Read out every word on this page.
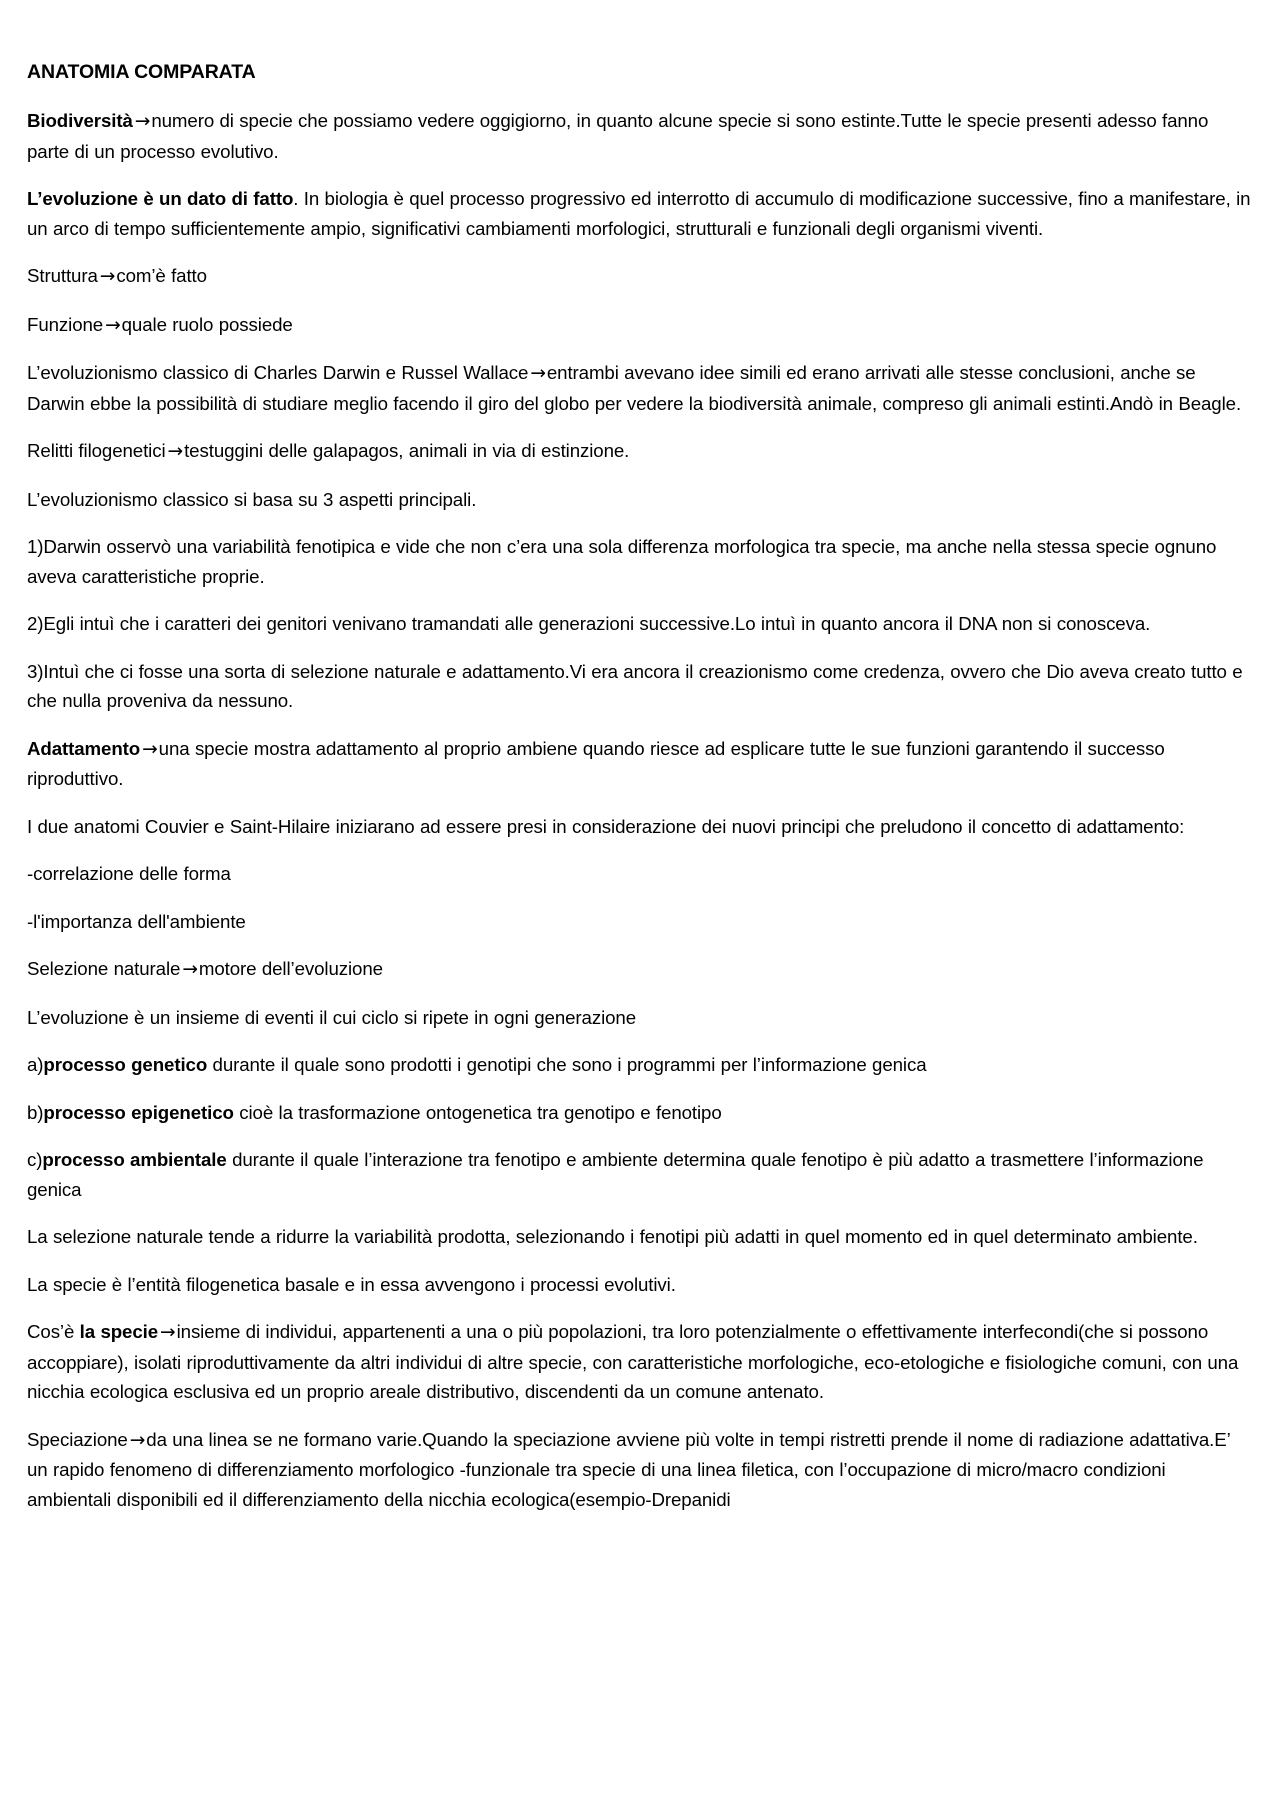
ANATOMIA COMPARATA

Biodiversità →numero di specie che possiamo vedere oggigiorno, in quanto alcune specie si sono estinte.Tutte le specie presenti adesso fanno parte di un processo evolutivo.

L’evoluzione è un dato di fatto. In biologia è quel processo progressivo ed interrotto di accumulo di modificazione successive, fino a manifestare, in un arco di tempo sufficientemente ampio, significativi cambiamenti morfologici, strutturali e funzionali degli organismi viventi.

Struttura →com’è fatto

Funzione →quale ruolo possiede

L’evoluzionismo classico di Charles Darwin e Russel Wallace →entrambi avevano idee simili ed erano arrivati alle stesse conclusioni, anche se Darwin ebbe la possibilità di studiare meglio facendo il giro del globo per vedere la biodiversità animale, compreso gli animali estinti.Andò in Beagle.

Relitti filogenetici →testuggini delle galapagos, animali in via di estinzione.

L’evoluzionismo classico si basa su 3 aspetti principali.

1)Darwin osservò una variabilità fenotipica e vide che non c’era una sola differenza morfologica tra specie, ma anche nella stessa specie ognuno aveva caratteristiche proprie.

2)Egli intuì che i caratteri dei genitori venivano tramandati alle generazioni successive.Lo intuì in quanto ancora il DNA non si conosceva.

3)Intuì che ci fosse una sorta di selezione naturale e adattamento.Vi era ancora il creazionismo come credenza, ovvero che Dio aveva creato tutto e che nulla proveniva da nessuno.

Adattamento →una specie mostra adattamento al proprio ambiene quando riesce ad esplicare tutte le sue funzioni garantendo il successo riproduttivo.

I due anatomi Couvier e Saint-Hilaire iniziarano ad essere presi in considerazione dei nuovi principi che preludono il concetto di adattamento:

-correlazione delle forma

-l'importanza dell'ambiente

Selezione naturale →motore dell’evoluzione

L’evoluzione è un insieme di eventi il cui ciclo si ripete in ogni generazione

a)processo genetico durante il quale sono prodotti i genotipi che sono i programmi per l’informazione genica

b)processo epigenetico cioè la trasformazione ontogenetica tra genotipo e fenotipo

c)processo ambientale durante il quale l’interazione tra fenotipo e ambiente determina quale fenotipo è più adatto a trasmettere l’informazione genica

La selezione naturale tende a ridurre la variabilità prodotta, selezionando i fenotipi più adatti in quel momento ed in quel determinato ambiente.

La specie è l’entità filogenetica basale e in essa avvengono i processi evolutivi.

Cos’è la specie →insieme di individui, appartenenti a una o più popolazioni, tra loro potenzialmente o effettivamente interfecondi(che si possono accoppiare), isolati riproduttivamente da altri individui di altre specie, con caratteristiche morfologiche, eco-etologiche e fisiologiche comuni, con una nicchia ecologica esclusiva ed un proprio areale distributivo, discendenti da un comune antenato.

Speciazione →da una linea se ne formano varie.Quando la speciazione avviene più volte in tempi ristretti prende il nome di radiazione adattativa.E’ un rapido fenomeno di differenziamento morfologico -funzionale tra specie di una linea filetica, con l’occupazione di micro/macro condizioni ambientali disponibili ed il differenziamento della nicchia ecologica(esempio-Drepanidi
